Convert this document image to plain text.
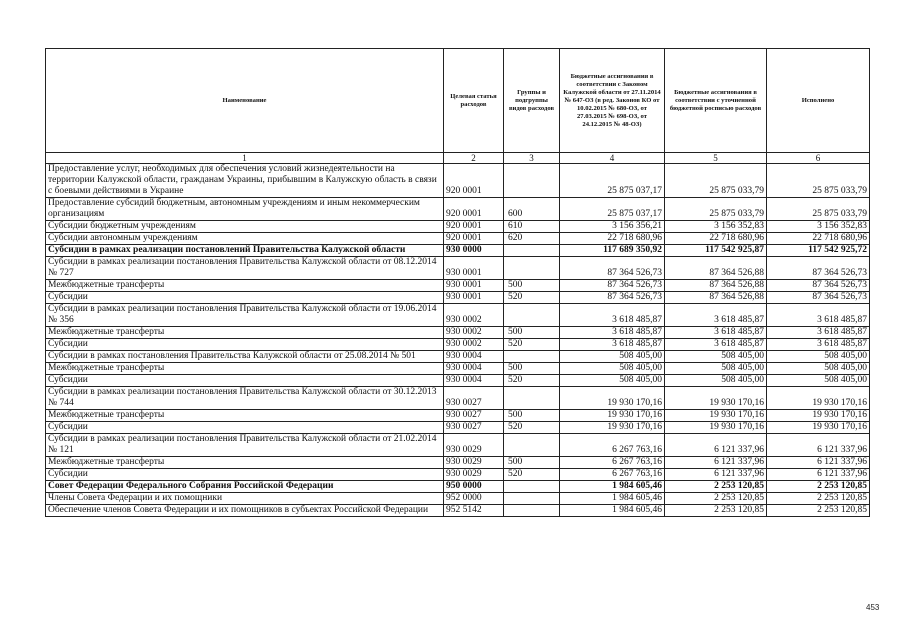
Наименование	Целевая статья расходов	Группы и подгруппы видов расходов	Бюджетные ассигнования в соответствии с Законом Калужской области от 27.11.2014 № 647-ОЗ (в ред. Законов КО от 10.02.2015 № 680-ОЗ, от 27.03.2015 № 698-ОЗ, от 24.12.2015 № 48-ОЗ)	Бюджетные ассигнования в соответствии с уточненной бюджетной росписью расходов	Исполнено
1	2	3	4	5	6
Предоставление услуг, необходимых для обеспечения условий жизнедеятельности на территории Калужской области, гражданам Украины, прибывшим в Калужскую область в связи с боевыми действиями в Украине	920 0001		25 875 037,17	25 875 033,79	25 875 033,79
Предоставление субсидий бюджетным, автономным учреждениям и иным некоммерческим организациям	920 0001	600	25 875 037,17	25 875 033,79	25 875 033,79
Субсидии бюджетным учреждениям	920 0001	610	3 156 356,21	3 156 352,83	3 156 352,83
Субсидии автономным учреждениям	920 0001	620	22 718 680,96	22 718 680,96	22 718 680,96
Субсидии в рамках реализации постановлений Правительства Калужской области	930 0000		117 689 350,92	117 542 925,87	117 542 925,72
Субсидии в рамках реализации постановления Правительства Калужской области от 08.12.2014 № 727	930 0001		87 364 526,73	87 364 526,88	87 364 526,73
Межбюджетные трансферты	930 0001	500	87 364 526,73	87 364 526,88	87 364 526,73
Субсидии	930 0001	520	87 364 526,73	87 364 526,88	87 364 526,73
Субсидии в рамках реализации постановления Правительства Калужской области от 19.06.2014 № 356	930 0002		3 618 485,87	3 618 485,87	3 618 485,87
Межбюджетные трансферты	930 0002	500	3 618 485,87	3 618 485,87	3 618 485,87
Субсидии	930 0002	520	3 618 485,87	3 618 485,87	3 618 485,87
Субсидии в рамках постановления Правительства Калужской области от 25.08.2014 № 501	930 0004		508 405,00	508 405,00	508 405,00
Межбюджетные трансферты	930 0004	500	508 405,00	508 405,00	508 405,00
Субсидии	930 0004	520	508 405,00	508 405,00	508 405,00
Субсидии в рамках реализации постановления Правительства Калужской области от 30.12.2013 № 744	930 0027		19 930 170,16	19 930 170,16	19 930 170,16
Межбюджетные трансферты	930 0027	500	19 930 170,16	19 930 170,16	19 930 170,16
Субсидии	930 0027	520	19 930 170,16	19 930 170,16	19 930 170,16
Субсидии в рамках реализации постановления Правительства Калужской области от 21.02.2014 № 121	930 0029		6 267 763,16	6 121 337,96	6 121 337,96
Межбюджетные трансферты	930 0029	500	6 267 763,16	6 121 337,96	6 121 337,96
Субсидии	930 0029	520	6 267 763,16	6 121 337,96	6 121 337,96
Совет Федерации Федерального Собрания Российской Федерации	950 0000		1 984 605,46	2 253 120,85	2 253 120,85
Члены Совета Федерации и их помощники	952 0000		1 984 605,46	2 253 120,85	2 253 120,85
Обеспечение членов Совета Федерации и их помощников в субъектах Российской Федерации	952 5142		1 984 605,46	2 253 120,85	2 253 120,85
453
